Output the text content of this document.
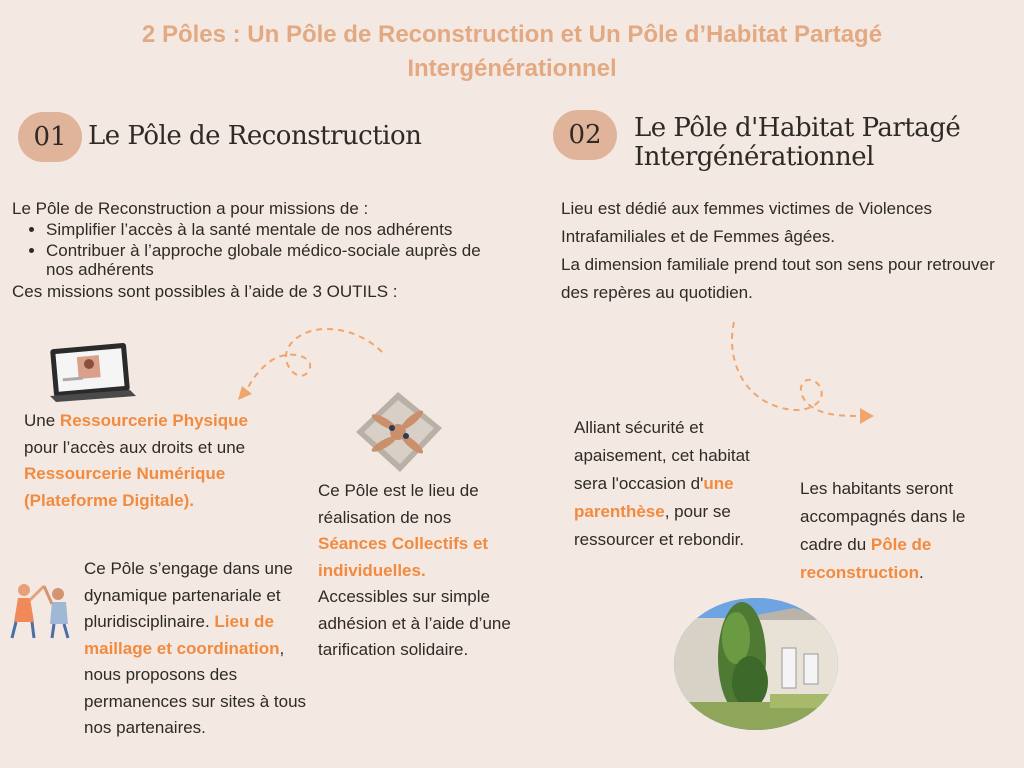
2 Pôles : Un Pôle de Reconstruction et Un Pôle d’Habitat Partagé
Intergénérationnel
01 Le Pôle de Reconstruction
Le Pôle de Reconstruction a pour missions de :
• Simplifier l’accès à la santé mentale de nos adhérents
• Contribuer à l’approche globale médico-sociale auprès de nos adhérents
Ces missions sont possibles à l’aide de 3 OUTILS :
Une Ressourcerie Physique pour l’accès aux droits et une Ressourcerie Numérique (Plateforme Digitale).
Ce Pôle s’engage dans une dynamique partenariale et pluridisciplinaire. Lieu de maillage et coordination, nous proposons des permanences sur sites à tous nos partenaires.
Ce Pôle est le lieu de réalisation de nos Séances Collectifs et individuelles. Accessibles sur simple adhésion et à l’aide d’une tarification solidaire.
02 Le Pôle d'Habitat Partagé
Intergénérationnel
Lieu est dédié aux femmes victimes de Violences Intrafamiliales et de Femmes âgées.
La dimension familiale prend tout son sens pour retrouver des repères au quotidien.
Alliant sécurité et apaisement, cet habitat sera l'occasion d'une parenthèse, pour se ressourcer et rebondir.
Les habitants seront accompagnés dans le cadre du Pôle de reconstruction.
